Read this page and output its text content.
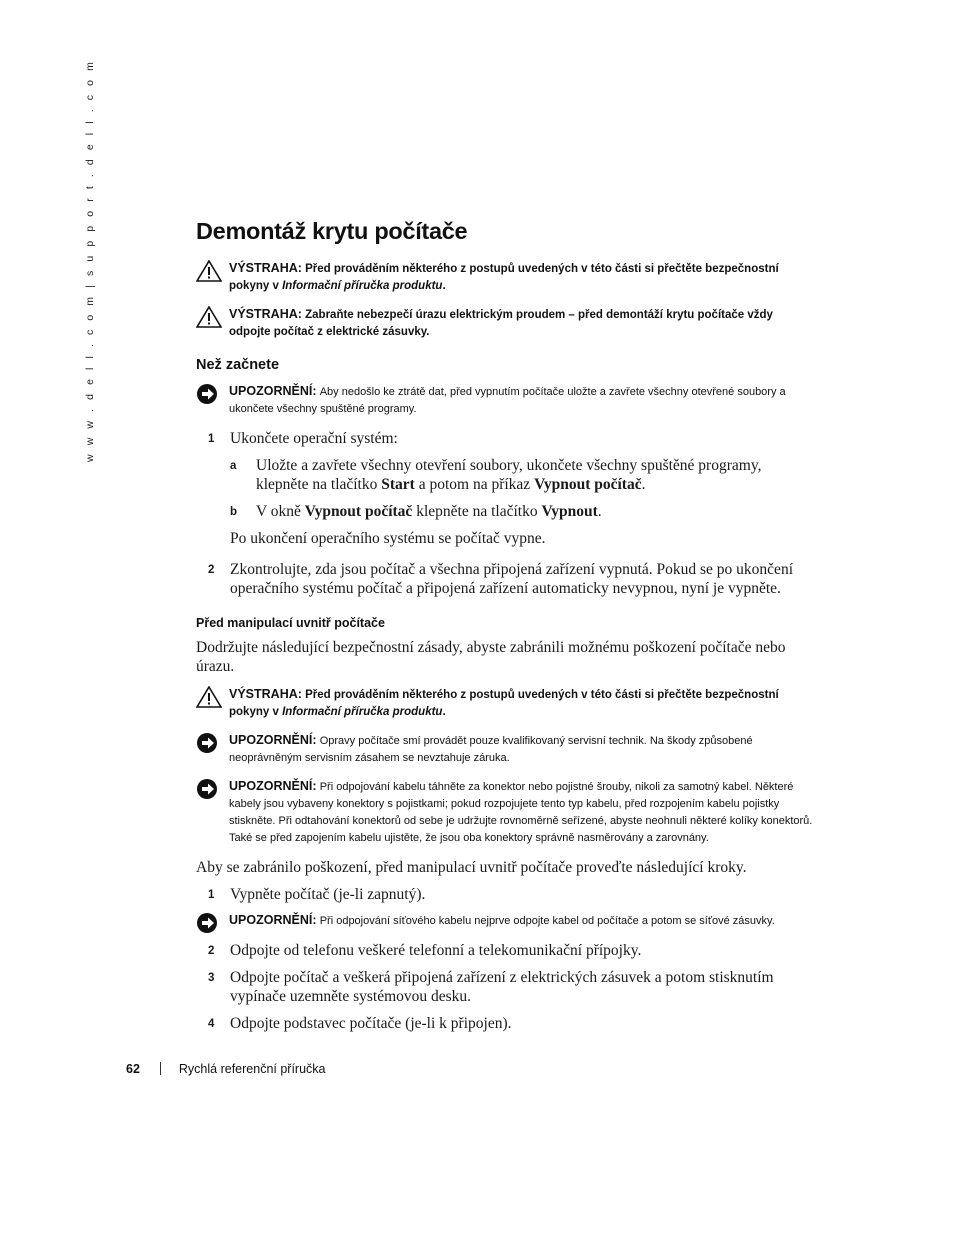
w w w . d e l l . c o m | s u p p o r t . d e l l . c o m	Demontáž krytu počítače
VÝSTRAHA: Před prováděním některého z postupů uvedených v této části si přečtěte bezpečnostní pokyny v Informační příručka produktu.
VÝSTRAHA: Zabraňte nebezpečí úrazu elektrickým proudem – před demontáží krytu počítače vždy odpojte počítač z elektrické zásuvky.
Než začnete
UPOZORNĚNÍ: Aby nedošlo ke ztrátě dat, před vypnutím počítače uložte a zavřete všechny otevřené soubory a ukončete všechny spuštěné programy.
1 Ukončete operační systém:
a Uložte a zavřete všechny otevření soubory, ukončete všechny spuštěné programy, klepněte na tlačítko Start a potom na příkaz Vypnout počítač.
b V okně Vypnout počítač klepněte na tlačítko Vypnout.

Po ukončení operačního systému se počítač vypne.

2 Zkontrolujte, zda jsou počítač a všechna připojená zařízení vypnutá. Pokud se po ukončení operačního systému počítač a připojená zařízení automaticky nevypnou, nyní je vypněte.
Před manipulací uvnitř počítače

Dodržujte následující bezpečnostní zásady, abyste zabránili možnému poškození počítače nebo úrazu.

VÝSTRAHA: Před prováděním některého z postupů uvedených v této části si přečtěte bezpečnostní pokyny v Informační příručka produktu.
UPOZORNĚNÍ: Opravy počítače smí provádět pouze kvalifikovaný servisní technik. Na škody způsobené neoprávněným servisním zásahem se nevztahuje záruka.
UPOZORNĚNÍ: Při odpojování kabelu táhněte za konektor nebo pojistné šrouby, nikoli za samotný kabel. Některé kabely jsou vybaveny konektory s pojistkami; pokud rozpojujete tento typ kabelu, před rozpojením kabelu pojistky stiskněte. Při odtahování konektorů od sebe je udržujte rovnoměrně seřízené, abyste neohnuli některé kolíky konektorů. Také se před zapojením kabelu ujistěte, že jsou oba konektory správně nasměrovány a zarovnány.

Aby se zabránilo poškození, před manipulací uvnitř počítače proveďte následující kroky.

1 Vypněte počítač (je-li zapnutý).
UPOZORNĚNÍ: Při odpojování síťového kabelu nejprve odpojte kabel od počítače a potom se síťové zásuvky.
2 Odpojte od telefonu veškeré telefonní a telekomunikační přípojky.
3 Odpojte počítač a veškerá připojená zařízení z elektrických zásuvek a potom stisknutím vypínače uzemněte systémovou desku.
4 Odpojte podstavec počítače (je-li k připojen).
62	Rychlá referenční příručka
